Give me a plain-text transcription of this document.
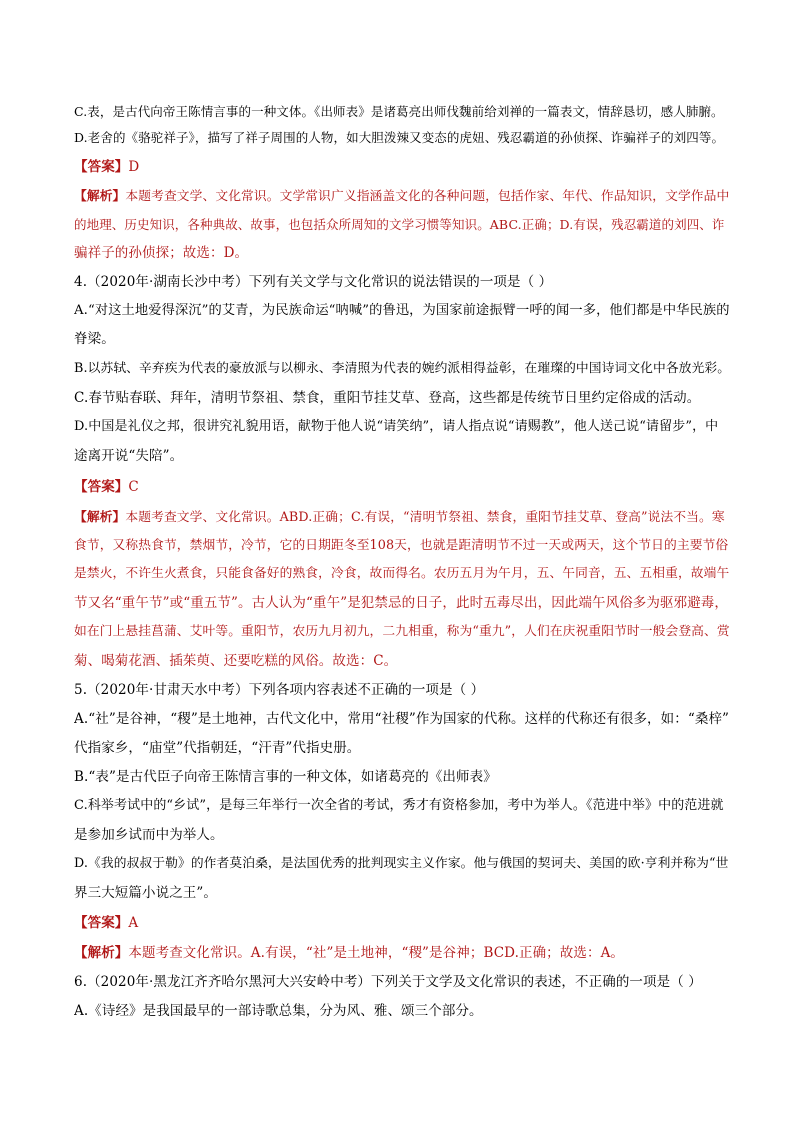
C.表，是古代向帝王陈情言事的一种文体。《出师表》是诸葛亮出师伐魏前给刘禅的一篇表文，情辞恳切，感人肺腑。
D.老舍的《骆驼祥子》，描写了祥子周围的人物，如大胆泼辣又变态的虎妞、残忍霸道的孙侦探、诈骗祥子的刘四等。
【答案】D
【解析】本题考查文学、文化常识。文学常识广义指涵盖文化的各种问题，包括作家、年代、作品知识，文学作品中
的地理、历史知识，各种典故、故事，也包括众所周知的文学习惯等知识。ABC.正确；D.有误，残忍霸道的刘四、诈
骗祥子的孙侦探；故选：D。
4.（2020年·湖南长沙中考）下列有关文学与文化常识的说法错误的一项是（ ）
A.“对这土地爱得深沉”的艾青，为民族命运“呐喊”的鲁迅，为国家前途振臂一呼的闻一多，他们都是中华民族的
脊梁。
B.以苏轼、辛弃疾为代表的豪放派与以柳永、李清照为代表的婉约派相得益彰，在璀璨的中国诗词文化中各放光彩。
C.春节贴春联、拜年，清明节祭祖、禁食，重阳节挂艾草、登高，这些都是传统节日里约定俗成的活动。
D.中国是礼仪之邦，很讲究礼貌用语，献物于他人说“请笑纳”，请人指点说“请赐教”，他人送己说“请留步”，中
途离开说“失陪”。
【答案】C
【解析】本题考查文学、文化常识。ABD.正确；C.有误，“清明节祭祖、禁食，重阳节挂艾草、登高”说法不当。寒
食节，又称热食节，禁烟节，冷节，它的日期距冬至108天，也就是距清明节不过一天或两天，这个节日的主要节俗
是禁火，不许生火煮食，只能食备好的熟食，冷食，故而得名。农历五月为午月，五、午同音，五、五相重，故端午
节又名“重午节”或“重五节”。古人认为“重午”是犯禁忌的日子，此时五毒尽出，因此端午风俗多为驱邪避毒，
如在门上悬挂菖蒲、艾叶等。重阳节，农历九月初九，二九相重，称为“重九”，人们在庆祝重阳节时一般会登高、赏
菊、喝菊花酒、插茱萸、还要吃糕的风俗。故选：C。
5.（2020年·甘肃天水中考）下列各项内容表述不正确的一项是（ ）
A.“社”是谷神，“稷”是土地神，古代文化中，常用“社稷”作为国家的代称。这样的代称还有很多，如：“桑梓”
代指家乡，“庙堂”代指朝廷，“汗青”代指史册。
B.“表”是古代臣子向帝王陈情言事的一种文体，如诸葛亮的《出师表》
C.科举考试中的“乡试”，是每三年举行一次全省的考试，秀才有资格参加，考中为举人。《范进中举》中的范进就
是参加乡试而中为举人。
D.《我的叔叔于勒》的作者莫泊桑，是法国优秀的批判现实主义作家。他与俄国的契诃夫、美国的欧·亨利并称为“世
界三大短篇小说之王”。
【答案】A
【解析】本题考查文化常识。A.有误，“社”是土地神，“稷”是谷神；BCD.正确；故选：A。
6.（2020年·黑龙江齐齐哈尔黑河大兴安岭中考）下列关于文学及文化常识的表述，不正确的一项是（ ）
A.《诗经》是我国最早的一部诗歌总集，分为风、雅、颂三个部分。
